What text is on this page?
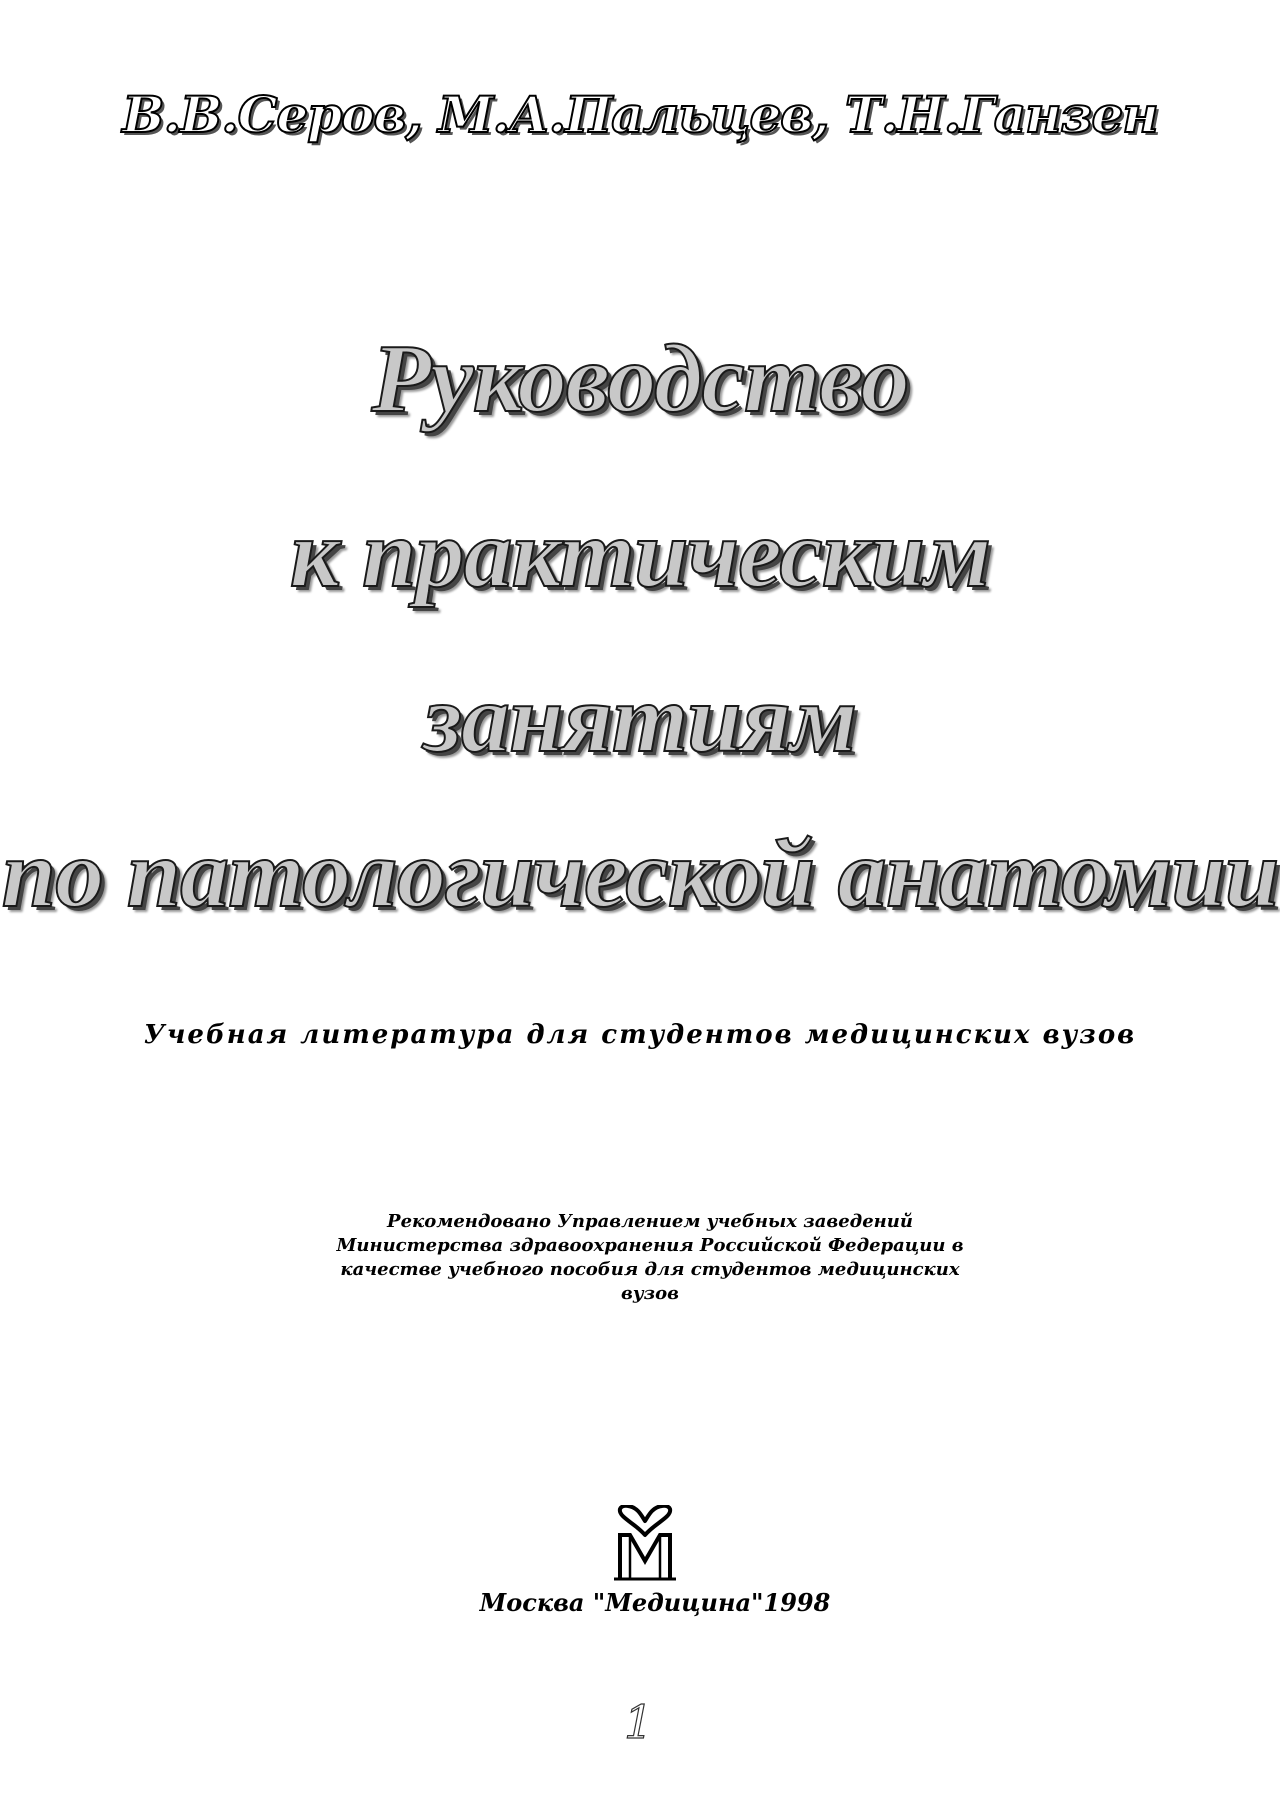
В.В.Серов, М.А.Пальцев, Т.Н.Ганзен
Руководство
к практическим
занятиям
по патологической анатомии
Учебная литература для студентов медицинских вузов
Рекомендовано Управлением учебных заведений
Министерства здравоохранения Российской Федерации в
качестве учебного пособия для студентов медицинских
вузов
Москва "Медицина"1998
1
